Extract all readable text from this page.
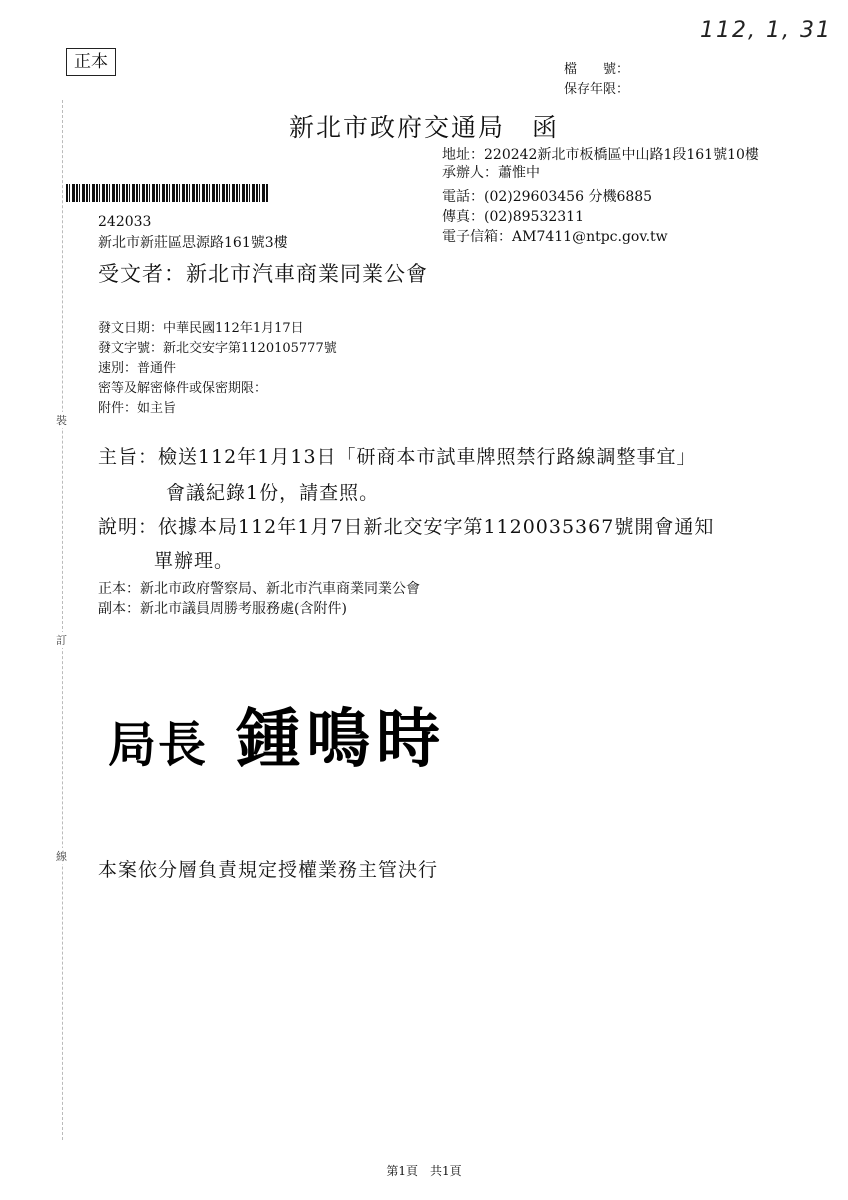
裝
訂
線
正本
112, 1, 31
檔　　號：
保存年限：
新北市政府交通局　函
地址：220242新北市板橋區中山路1段161號10樓
承辦人：蕭惟中
電話：(02)29603456 分機6885
傳真：(02)89532311
電子信箱：AM7411@ntpc.gov.tw
242033
新北市新莊區思源路161號3樓
受文者：新北市汽車商業同業公會
發文日期：中華民國112年1月17日
發文字號：新北交安字第1120105777號
速別：普通件
密等及解密條件或保密期限：
附件：如主旨
主旨：檢送112年1月13日「研商本市試車牌照禁行路線調整事宜」
會議紀錄1份，請查照。
說明：依據本局112年1月7日新北交安字第1120035367號開會通知
單辦理。
正本：新北市政府警察局、新北市汽車商業同業公會
副本：新北市議員周勝考服務處(含附件)
局長 鍾鳴時
本案依分層負責規定授權業務主管決行
第1頁　共1頁
